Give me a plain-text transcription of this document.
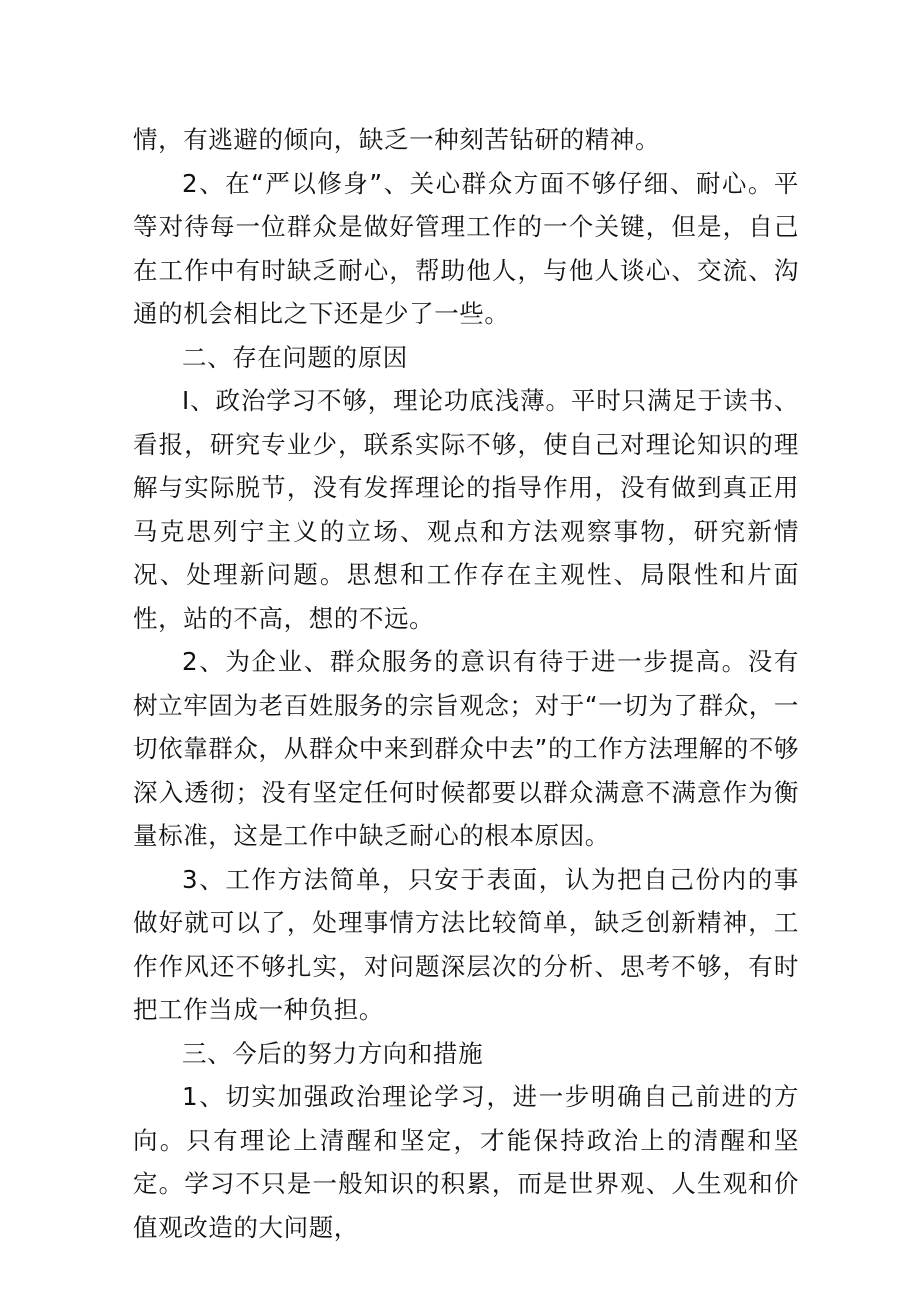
情，有逃避的倾向，缺乏一种刻苦钻研的精神。

2、在“严以修身”、关心群众方面不够仔细、耐心。平等对待每一位群众是做好管理工作的一个关键，但是，自己在工作中有时缺乏耐心，帮助他人，与他人谈心、交流、沟通的机会相比之下还是少了一些。

二、存在问题的原因

I、政治学习不够，理论功底浅薄。平时只满足于读书、看报，研究专业少，联系实际不够，使自己对理论知识的理解与实际脱节，没有发挥理论的指导作用，没有做到真正用马克思列宁主义的立场、观点和方法观察事物，研究新情况、处理新问题。思想和工作存在主观性、局限性和片面性，站的不高，想的不远。

2、为企业、群众服务的意识有待于进一步提高。没有树立牢固为老百姓服务的宗旨观念；对于“一切为了群众，一切依靠群众，从群众中来到群众中去”的工作方法理解的不够深入透彻；没有坚定任何时候都要以群众满意不满意作为衡量标准，这是工作中缺乏耐心的根本原因。

3、工作方法简单，只安于表面，认为把自己份内的事做好就可以了，处理事情方法比较简单，缺乏创新精神，工作作风还不够扎实，对问题深层次的分析、思考不够，有时把工作当成一种负担。

三、今后的努力方向和措施

1、切实加强政治理论学习，进一步明确自己前进的方向。只有理论上清醒和坚定，才能保持政治上的清醒和坚定。学习不只是一般知识的积累，而是世界观、人生观和价值观改造的大问题，
